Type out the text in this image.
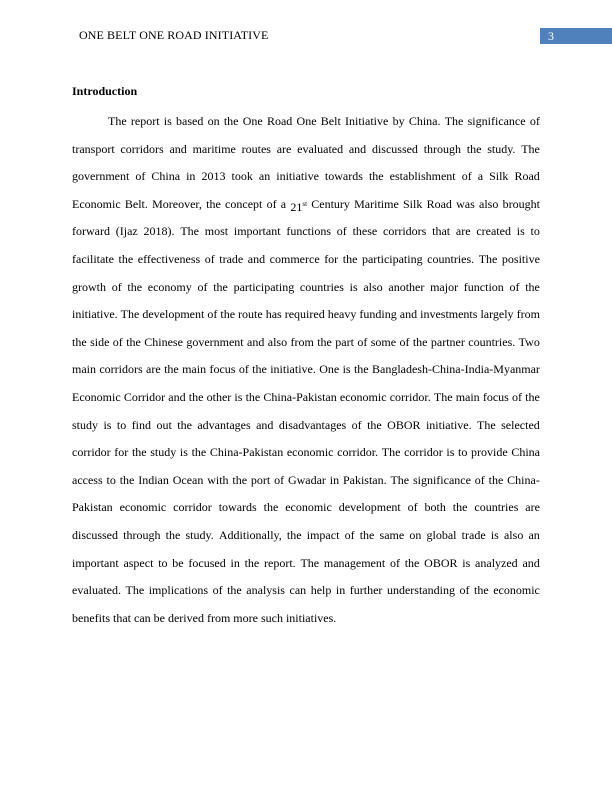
ONE BELT ONE ROAD INITIATIVE	3
Introduction
The report is based on the One Road One Belt Initiative by China. The significance of
transport corridors and maritime routes are evaluated and discussed through the study. The
government of China in 2013 took an initiative towards the establishment of a Silk Road
Economic Belt. Moreover, the concept of a 21st Century Maritime Silk Road was also brought
forward (Ijaz 2018). The most important functions of these corridors that are created is to
facilitate the effectiveness of trade and commerce for the participating countries. The positive
growth of the economy of the participating countries is also another major function of the
initiative. The development of the route has required heavy funding and investments largely from
the side of the Chinese government and also from the part of some of the partner countries. Two
main corridors are the main focus of the initiative. One is the Bangladesh-China-India-Myanmar
Economic Corridor and the other is the China-Pakistan economic corridor. The main focus of the
study is to find out the advantages and disadvantages of the OBOR initiative. The selected
corridor for the study is the China-Pakistan economic corridor. The corridor is to provide China
access to the Indian Ocean with the port of Gwadar in Pakistan. The significance of the China-
Pakistan economic corridor towards the economic development of both the countries are
discussed through the study. Additionally, the impact of the same on global trade is also an
important aspect to be focused in the report. The management of the OBOR is analyzed and
evaluated. The implications of the analysis can help in further understanding of the economic
benefits that can be derived from more such initiatives.
